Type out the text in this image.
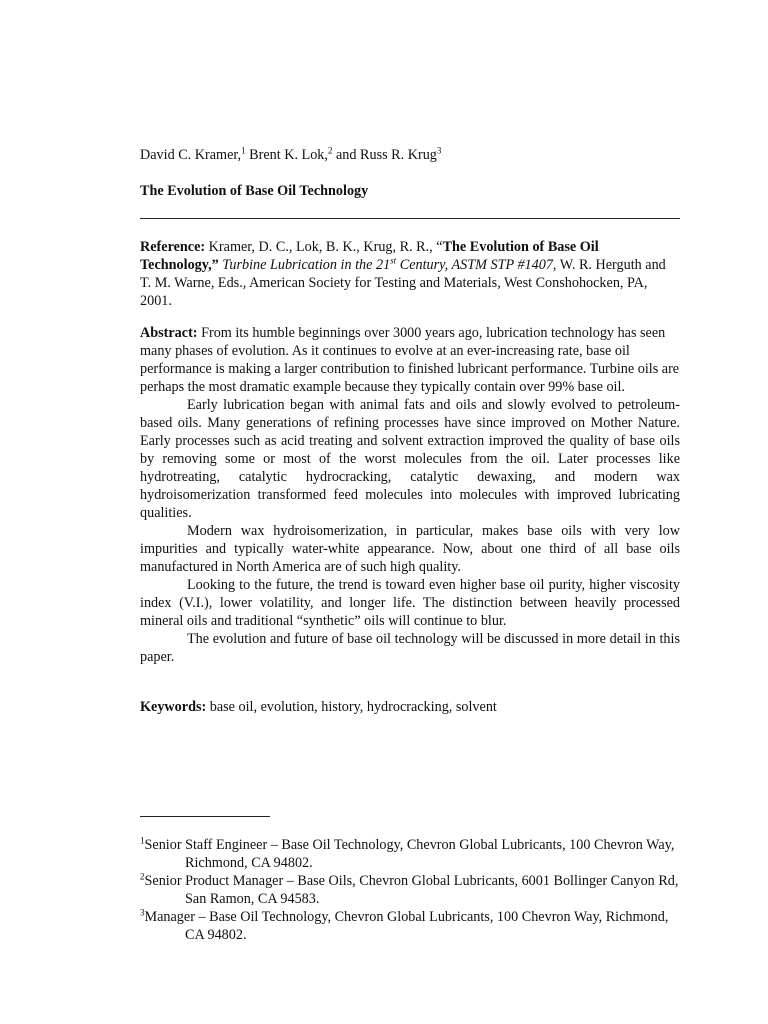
David C. Kramer,$^1$ Brent K. Lok,$^2$ and Russ R. Krug$^3$
The Evolution of Base Oil Technology
Reference: Kramer, D. C., Lok, B. K., Krug, R. R., “The Evolution of Base Oil Technology,” Turbine Lubrication in the 21st Century, ASTM STP #1407, W. R. Herguth and T. M. Warne, Eds., American Society for Testing and Materials, West Conshohocken, PA, 2001.

Abstract: From its humble beginnings over 3000 years ago, lubrication technology has seen many phases of evolution. As it continues to evolve at an ever-increasing rate, base oil performance is making a larger contribution to finished lubricant performance. Turbine oils are perhaps the most dramatic example because they typically contain over 99% base oil.

Early lubrication began with animal fats and oils and slowly evolved to petroleum-based oils. Many generations of refining processes have since improved on Mother Nature. Early processes such as acid treating and solvent extraction improved the quality of base oils by removing some or most of the worst molecules from the oil. Later processes like hydrotreating, catalytic hydrocracking, catalytic dewaxing, and modern wax hydroisomerization transformed feed molecules into molecules with improved lubricating qualities.

Modern wax hydroisomerization, in particular, makes base oils with very low impurities and typically water-white appearance. Now, about one third of all base oils manufactured in North America are of such high quality.

Looking to the future, the trend is toward even higher base oil purity, higher viscosity index (V.I.), lower volatility, and longer life. The distinction between heavily processed mineral oils and traditional “synthetic” oils will continue to blur.

The evolution and future of base oil technology will be discussed in more detail in this paper.

Keywords: base oil, evolution, history, hydrocracking, solvent

$^1$Senior Staff Engineer – Base Oil Technology, Chevron Global Lubricants, 100 Chevron Way, Richmond, CA 94802.

$^2$Senior Product Manager – Base Oils, Chevron Global Lubricants, 6001 Bollinger Canyon Rd, San Ramon, CA 94583.

$^3$Manager – Base Oil Technology, Chevron Global Lubricants, 100 Chevron Way, Richmond, CA 94802.
